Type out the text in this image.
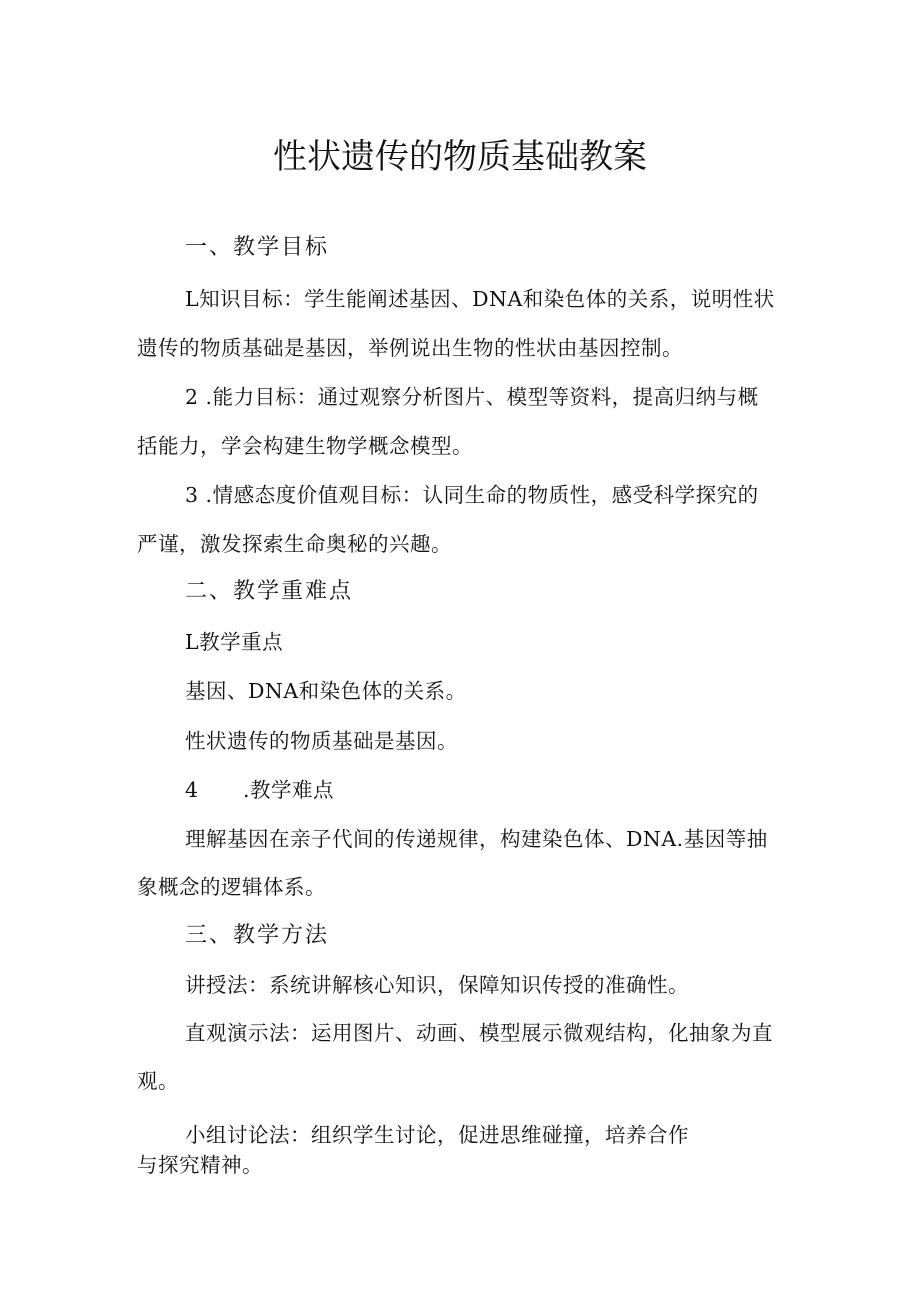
性状遗传的物质基础教案
一、教学目标
L知识目标：学生能阐述基因、DNA和染色体的关系，说明性状
遗传的物质基础是基因，举例说出生物的性状由基因控制。
2 .能力目标：通过观察分析图片、模型等资料，提高归纳与概
括能力，学会构建生物学概念模型。
3 .情感态度价值观目标：认同生命的物质性，感受科学探究的
严谨，激发探索生命奥秘的兴趣。
二、教学重难点
L教学重点
基因、DNA和染色体的关系。
性状遗传的物质基础是基因。
4 .教学难点
理解基因在亲子代间的传递规律，构建染色体、DNA.基因等抽
象概念的逻辑体系。
三、教学方法
讲授法：系统讲解核心知识，保障知识传授的准确性。
直观演示法：运用图片、动画、模型展示微观结构，化抽象为直
观。
小组讨论法：组织学生讨论，促进思维碰撞，培养合作
与探究精神。
